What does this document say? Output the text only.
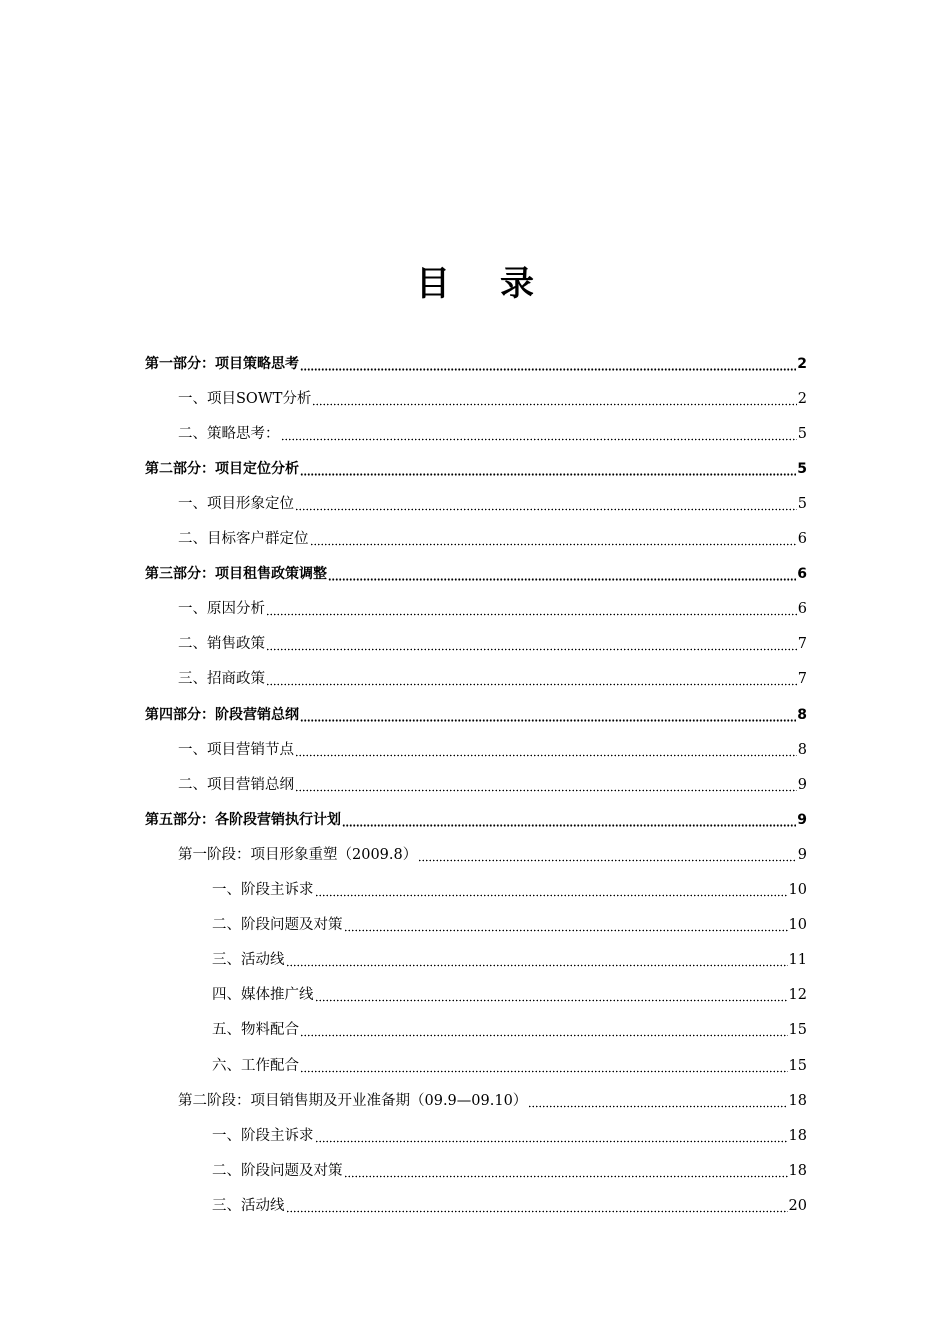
目 录
第一部分：项目策略思考	2
一、项目SOWT分析	2
二、策略思考：	5
第二部分：项目定位分析	5
一、项目形象定位	5
二、目标客户群定位	6
第三部分：项目租售政策调整	6
一、原因分析	6
二、销售政策	7
三、招商政策	7
第四部分：阶段营销总纲	8
一、项目营销节点	8
二、项目营销总纲	9
第五部分：各阶段营销执行计划	9
第一阶段：项目形象重塑（2009.8）	9
一、阶段主诉求	10
二、阶段问题及对策	10
三、活动线	11
四、媒体推广线	12
五、物料配合	15
六、工作配合	15
第二阶段：项目销售期及开业准备期（09.9—09.10）	18
一、阶段主诉求	18
二、阶段问题及对策	18
三、活动线	20
